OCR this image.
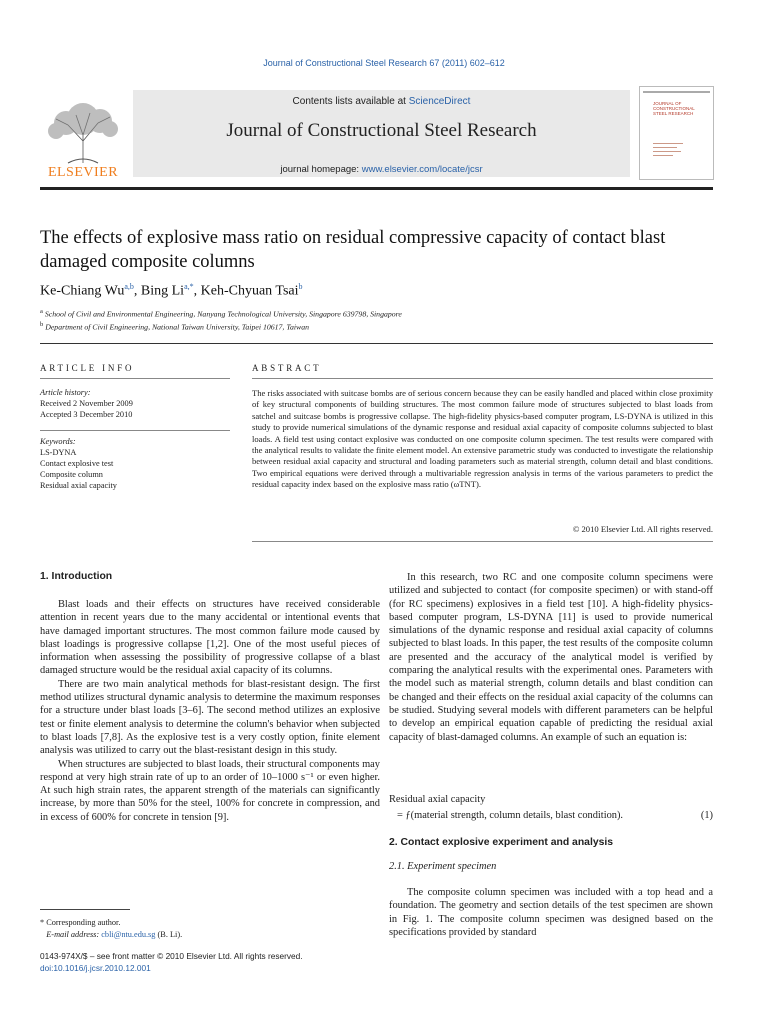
Journal of Constructional Steel Research 67 (2011) 602–612
ELSEVIER
Contents lists available at ScienceDirect
Journal of Constructional Steel Research
journal homepage: www.elsevier.com/locate/jcsr
JOURNAL OF CONSTRUCTIONAL STEEL RESEARCH
The effects of explosive mass ratio on residual compressive capacity of contact blast damaged composite columns
Ke-Chiang Wu$^{a,b}$, Bing $Li^{a,*}$, Keh-Chyuan Tsai$^b$
$^a$ School of Civil and Environmental Engineering, Nanyang Technological University, Singapore 639798, Singapore
$^b$ Department of Civil Engineering, National Taiwan University, Taipei 10617, Taiwan
ARTICLE INFO
Article history:
Received 2 November 2009
Accepted 3 December 2010
Keywords:
LS-DYNA
Contact explosive test
Composite column
Residual axial capacity
ABSTRACT
The risks associated with suitcase bombs are of serious concern because they can be easily handled and placed within close proximity of key structural components of building structures. The most common failure mode of structures subjected to blast loads from satchel and suitcase bombs is progressive collapse. The high-fidelity physics-based computer program, LS-DYNA is utilized in this study to provide numerical simulations of the dynamic response and residual axial capacity of composite columns subjected to blast loads. A field test using contact explosive was conducted on one composite column specimen. The test results were compared with the analytical results to validate the finite element model. An extensive parametric study was conducted to investigate the relationship between residual axial capacity and structural and loading parameters such as material strength, column detail and blast conditions. Two empirical equations were derived through a multivariable regression analysis in terms of the various parameters to predict the residual capacity index based on the explosive mass ratio (ωTNT).
© 2010 Elsevier Ltd. All rights reserved.
1. Introduction

Blast loads and their effects on structures have received considerable attention in recent years due to the many accidental or intentional events that have damaged important structures. The most common failure mode caused by blast loadings is progressive collapse [1,2]. One of the most useful pieces of information when assessing the possibility of progressive collapse of a blast damaged structure would be the residual axial capacity of its columns.

There are two main analytical methods for blast-resistant design. The first method utilizes structural dynamic analysis to determine the maximum responses for a structure under blast loads [3–6]. The second method utilizes an explosive test or finite element analysis to determine the column's behavior when subjected to blast loads [7,8]. As the explosive test is a very costly option, finite element analysis was utilized to carry out the blast-resistant design in this study.

When structures are subjected to blast loads, their structural components may respond at very high strain rate of up to an order of 10–1000 s⁻¹ or even higher. At such high strain rates, the apparent strength of the materials can significantly increase, by more than 50% for the steel, 100% for concrete in compression, and in excess of 600% for concrete in tension [9].

In this research, two RC and one composite column specimens were utilized and subjected to contact (for composite specimen) or with stand-off (for RC specimens) explosives in a field test [10]. A high-fidelity physics-based computer program, LS-DYNA [11] is used to provide numerical simulations of the dynamic response and residual axial capacity of columns subjected to blast loads. In this paper, the test results of the composite column are presented and the accuracy of the analytical model is verified by comparing the analytical results with the experimental ones. Parameters with the model such as material strength, column details and blast condition can be changed and their effects on the residual axial capacity of the columns can be studied. Studying several models with different parameters can be helpful to develop an empirical equation capable of predicting the residual axial capacity of blast-damaged columns. An example of such an equation is:

Residual axial capacity
= ƒ(material strength, column details, blast condition).	(1)
2. Contact explosive experiment and analysis
2.1. Experiment specimen

The composite column specimen was included with a top head and a foundation. The geometry and section details of the test specimen are shown in Fig. 1. The composite column specimen was designed based on the specifications provided by standard

* Corresponding author.
E-mail address: cbli@ntu.edu.sg (B. Li).
0143-974X/$ – see front matter © 2010 Elsevier Ltd. All rights reserved.
doi:10.1016/j.jcsr.2010.12.001
